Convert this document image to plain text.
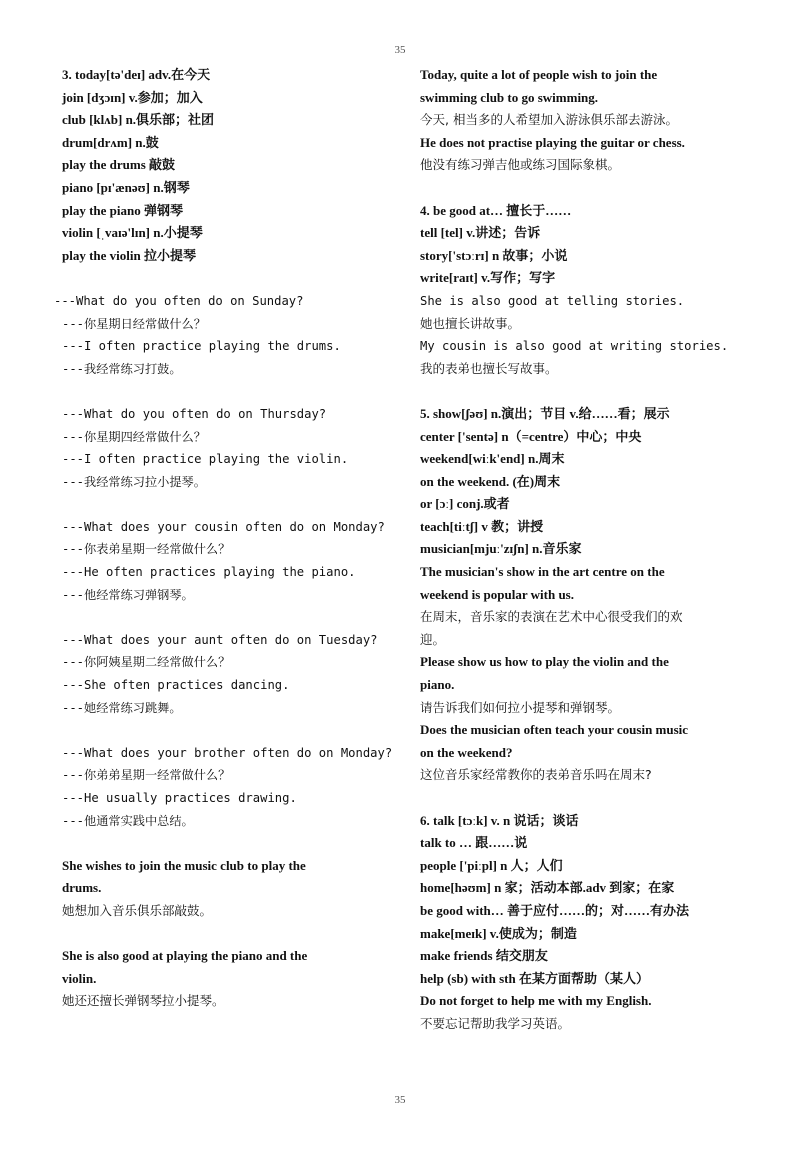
35
3. today[tə'deɪ] adv.在今天
join [dʒɔɪn] v.参加；加入
club [klʌb] n.俱乐部；社团
drum[drʌm] n.鼓
play the drums 敲鼓
piano [pɪ'ænəʊ] n.钢琴
play the piano 弹钢琴
violin [ˌvaɪə'lɪn] n.小提琴
play the violin 拉小提琴
---What do you often do on Sunday?
---你星期日经常做什么？
---I often practice playing the drums.
---我经常练习打鼓。
---What do you often do on Thursday?
---你星期四经常做什么？
---I often practice playing the violin.
---我经常练习拉小提琴。
---What does your cousin often do on Monday?
---你表弟星期一经常做什么？
---He often practices playing the piano.
---他经常练习弹钢琴。
---What does your aunt often do on Tuesday?
---你阿姨星期二经常做什么？
---She often practices dancing.
---她经常练习跳舞。
---What does your brother often do on Monday?
---你弟弟星期一经常做什么？
---He usually practices drawing.
---他通常实践中总结。
She wishes to join the music club to play the
drums.
她想加入音乐俱乐部敲鼓。
She is also good at playing the piano and the
violin.
她还还擅长弹钢琴拉小提琴。
Today, quite a lot of people wish to join the
swimming club to go swimming.
今天, 相当多的人希望加入游泳俱乐部去游泳。
He does not practise playing the guitar or chess.
他没有练习弹吉他或练习国际象棋。
4. be good at… 擅长于……
tell [tel] v.讲述；告诉
story['stɔːrɪ] n 故事；小说
write[raɪt] v.写作；写字
She is also good at telling stories.
她也擅长讲故事。
My cousin is also good at writing stories.
我的表弟也擅长写故事。
5. show[ʃəʊ] n.演出；节目 v.给……看；展示
center ['sentə] n（=centre）中心；中央
weekend[wiːk'end] n.周末
on the weekend. (在)周末
or [ɔː] conj.或者
teach[tiːtʃ] v 教；讲授
musician[mjuː'zɪʃn] n.音乐家
The musician's show in the art centre on the
weekend is popular with us.
在周末，音乐家的表演在艺术中心很受我们的欢
迎。
Please show us how to play the violin and the
piano.
请告诉我们如何拉小提琴和弹钢琴。
Does the musician often teach your cousin music
on the weekend?
这位音乐家经常教你的表弟音乐吗在周末?
6. talk [tɔːk] v. n 说话；谈话
talk to … 跟……说
people ['piːpl] n 人；人们
home[həʊm] n 家；活动本部.adv 到家；在家
be good with… 善于应付……的；对……有办法
make[meɪk] v.使成为；制造
make friends 结交朋友
help (sb) with sth 在某方面帮助（某人）
Do not forget to help me with my English.
不要忘记帮助我学习英语。
35
